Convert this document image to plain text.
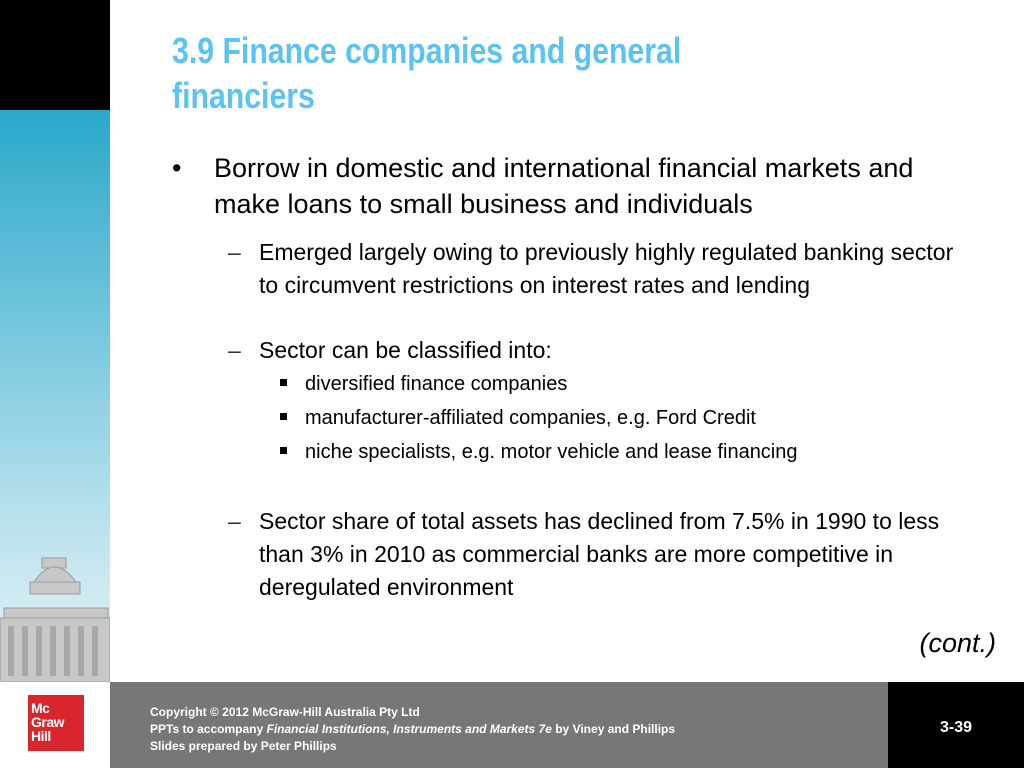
3.9 Finance companies and general financiers
• Borrow in domestic and international financial markets and make loans to small business and individuals
– Emerged largely owing to previously highly regulated banking sector to circumvent restrictions on interest rates and lending
– Sector can be classified into:
diversified finance companies
manufacturer-affiliated companies, e.g. Ford Credit
niche specialists, e.g. motor vehicle and lease financing
– Sector share of total assets has declined from 7.5% in 1990 to less than 3% in 2010 as commercial banks are more competitive in deregulated environment
(cont.)
Mc
Graw
Hill
Copyright © 2012 McGraw-Hill Australia Pty Ltd
PPTs to accompany Financial Institutions, Instruments and Markets 7e by Viney and Phillips
Slides prepared by Peter Phillips
3-39
